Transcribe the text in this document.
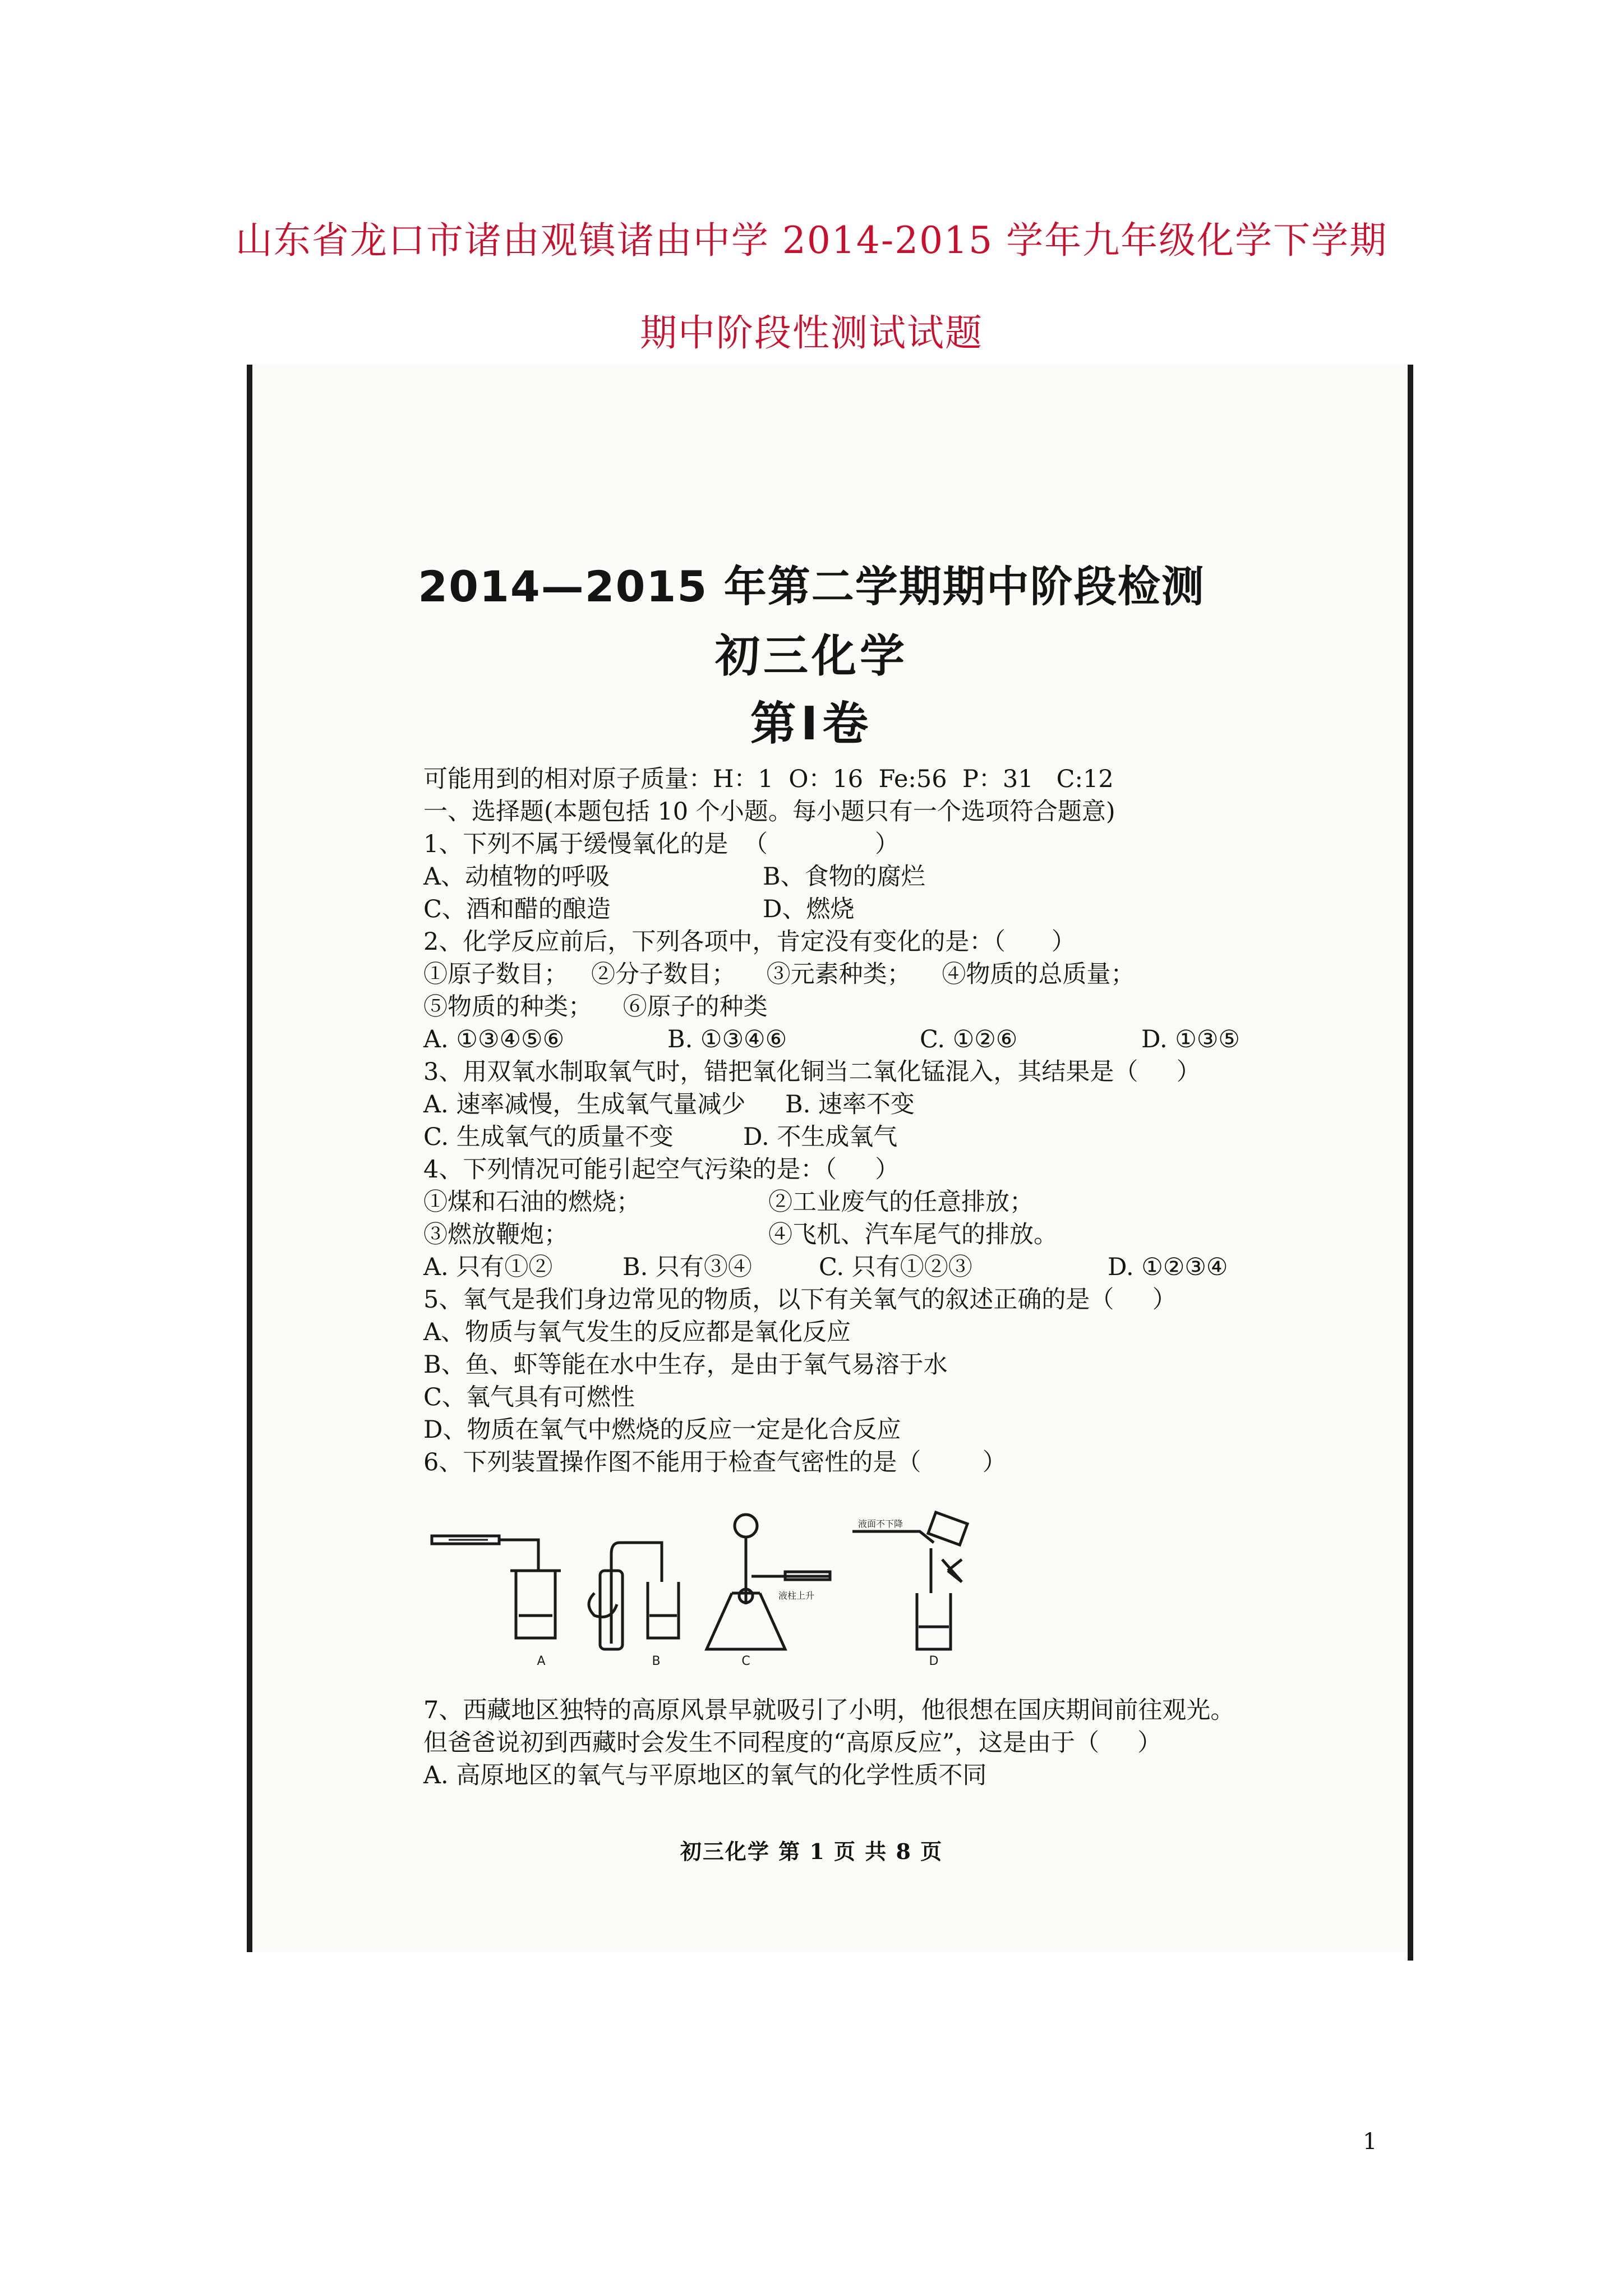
山东省龙口市诸由观镇诸由中学 2014-2015 学年九年级化学下学期
期中阶段性测试试题
2014—2015 年第二学期期中阶段检测
初三化学
第Ⅰ卷
可能用到的相对原子质量：H：1  O：16  Fe:56  P：31   C:12
一、选择题(本题包括 10 个小题。每小题只有一个选项符合题意)
1、下列不属于缓慢氧化的是  （              ）
A、动植物的呼吸	B、食物的腐烂
C、酒和醋的酿造	D、燃烧
2、化学反应前后，下列各项中，肯定没有变化的是：（      ）
①原子数目；   ②分子数目；    ③元素种类；    ④物质的总质量；
⑤物质的种类；    ⑥原子的种类
A. ①③④⑤⑥	B. ①③④⑥	C. ①②⑥	D. ①③⑤
3、用双氧水制取氧气时，错把氧化铜当二氧化锰混入，其结果是（     ）
A. 速率减慢，生成氧气量减少 B. 速率不变
C. 生成氧气的质量不变	D. 不生成氧气
4、下列情况可能引起空气污染的是：（     ）
①煤和石油的燃烧；	②工业废气的任意排放；
③燃放鞭炮；	④飞机、汽车尾气的排放。
A. 只有①②	B. 只有③④	C. 只有①②③	D. ①②③④
5、氧气是我们身边常见的物质，以下有关氧气的叙述正确的是（     ）
A、物质与氧气发生的反应都是氧化反应
B、鱼、虾等能在水中生存，是由于氧气易溶于水
C、氧气具有可燃性
D、物质在氧气中燃烧的反应一定是化合反应
6、下列装置操作图不能用于检查气密性的是（        ）
A	B	C	D
液柱上升
液面不下降
7、西藏地区独特的高原风景早就吸引了小明，他很想在国庆期间前往观光。
但爸爸说初到西藏时会发生不同程度的“高原反应”，这是由于（     ）
A. 高原地区的氧气与平原地区的氧气的化学性质不同
初三化学 第 1 页 共 8 页
1
